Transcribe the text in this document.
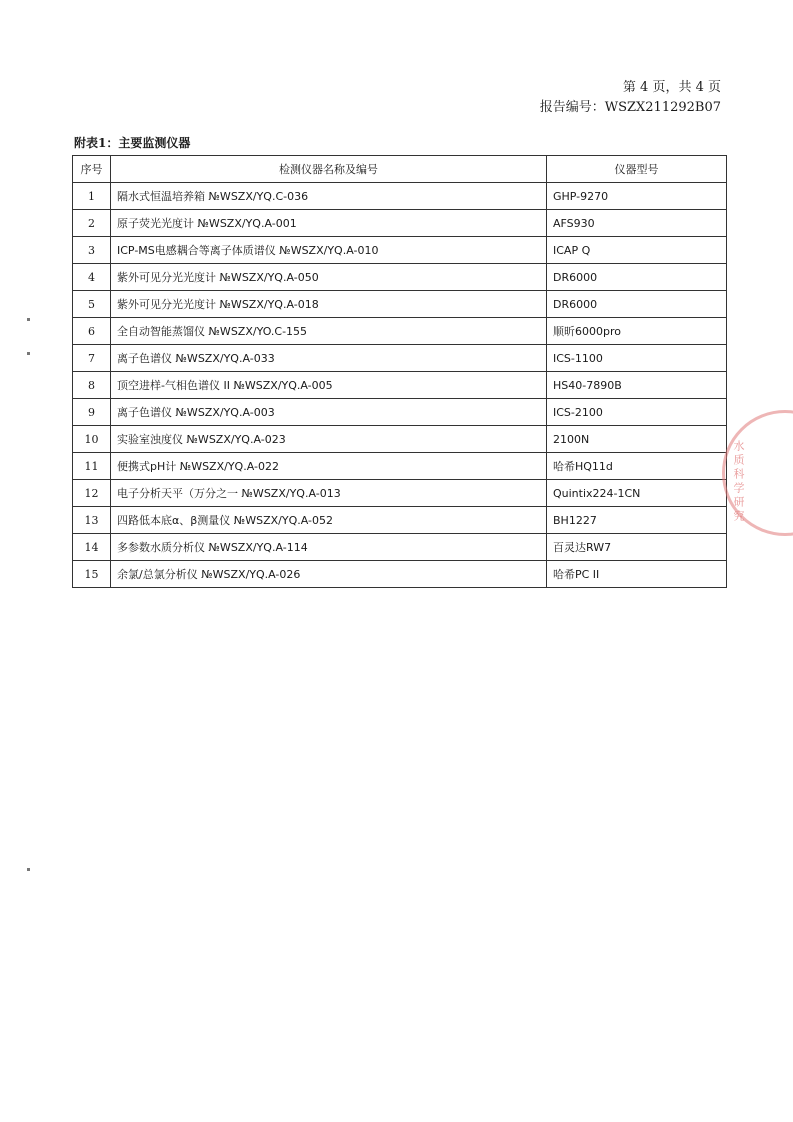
第 4 页，共 4 页
报告编号：WSZX211292B07
附表1：主要监测仪器
序号	检测仪器名称及编号	仪器型号
1	隔水式恒温培养箱 №WSZX/YQ.C-036	GHP-9270
2	原子荧光光度计 №WSZX/YQ.A-001	AFS930
3	ICP-MS电感耦合等离子体质谱仪 №WSZX/YQ.A-010	ICAP Q
4	紫外可见分光光度计 №WSZX/YQ.A-050	DR6000
5	紫外可见分光光度计 №WSZX/YQ.A-018	DR6000
6	全自动智能蒸馏仪 №WSZX/YO.C-155	顺昕6000pro
7	离子色谱仪 №WSZX/YQ.A-033	ICS-1100
8	顶空进样-气相色谱仪 II №WSZX/YQ.A-005	HS40-7890B
9	离子色谱仪 №WSZX/YQ.A-003	ICS-2100
10	实验室浊度仪 №WSZX/YQ.A-023	2100N
11	便携式pH计 №WSZX/YQ.A-022	哈希HQ11d
12	电子分析天平（万分之一 №WSZX/YQ.A-013	Quintix224-1CN
13	四路低本底α、β测量仪 №WSZX/YQ.A-052	BH1227
14	多参数水质分析仪 №WSZX/YQ.A-114	百灵达RW7
15	余氯/总氯分析仪 №WSZX/YQ.A-026	哈希PC II
水质科学研究
